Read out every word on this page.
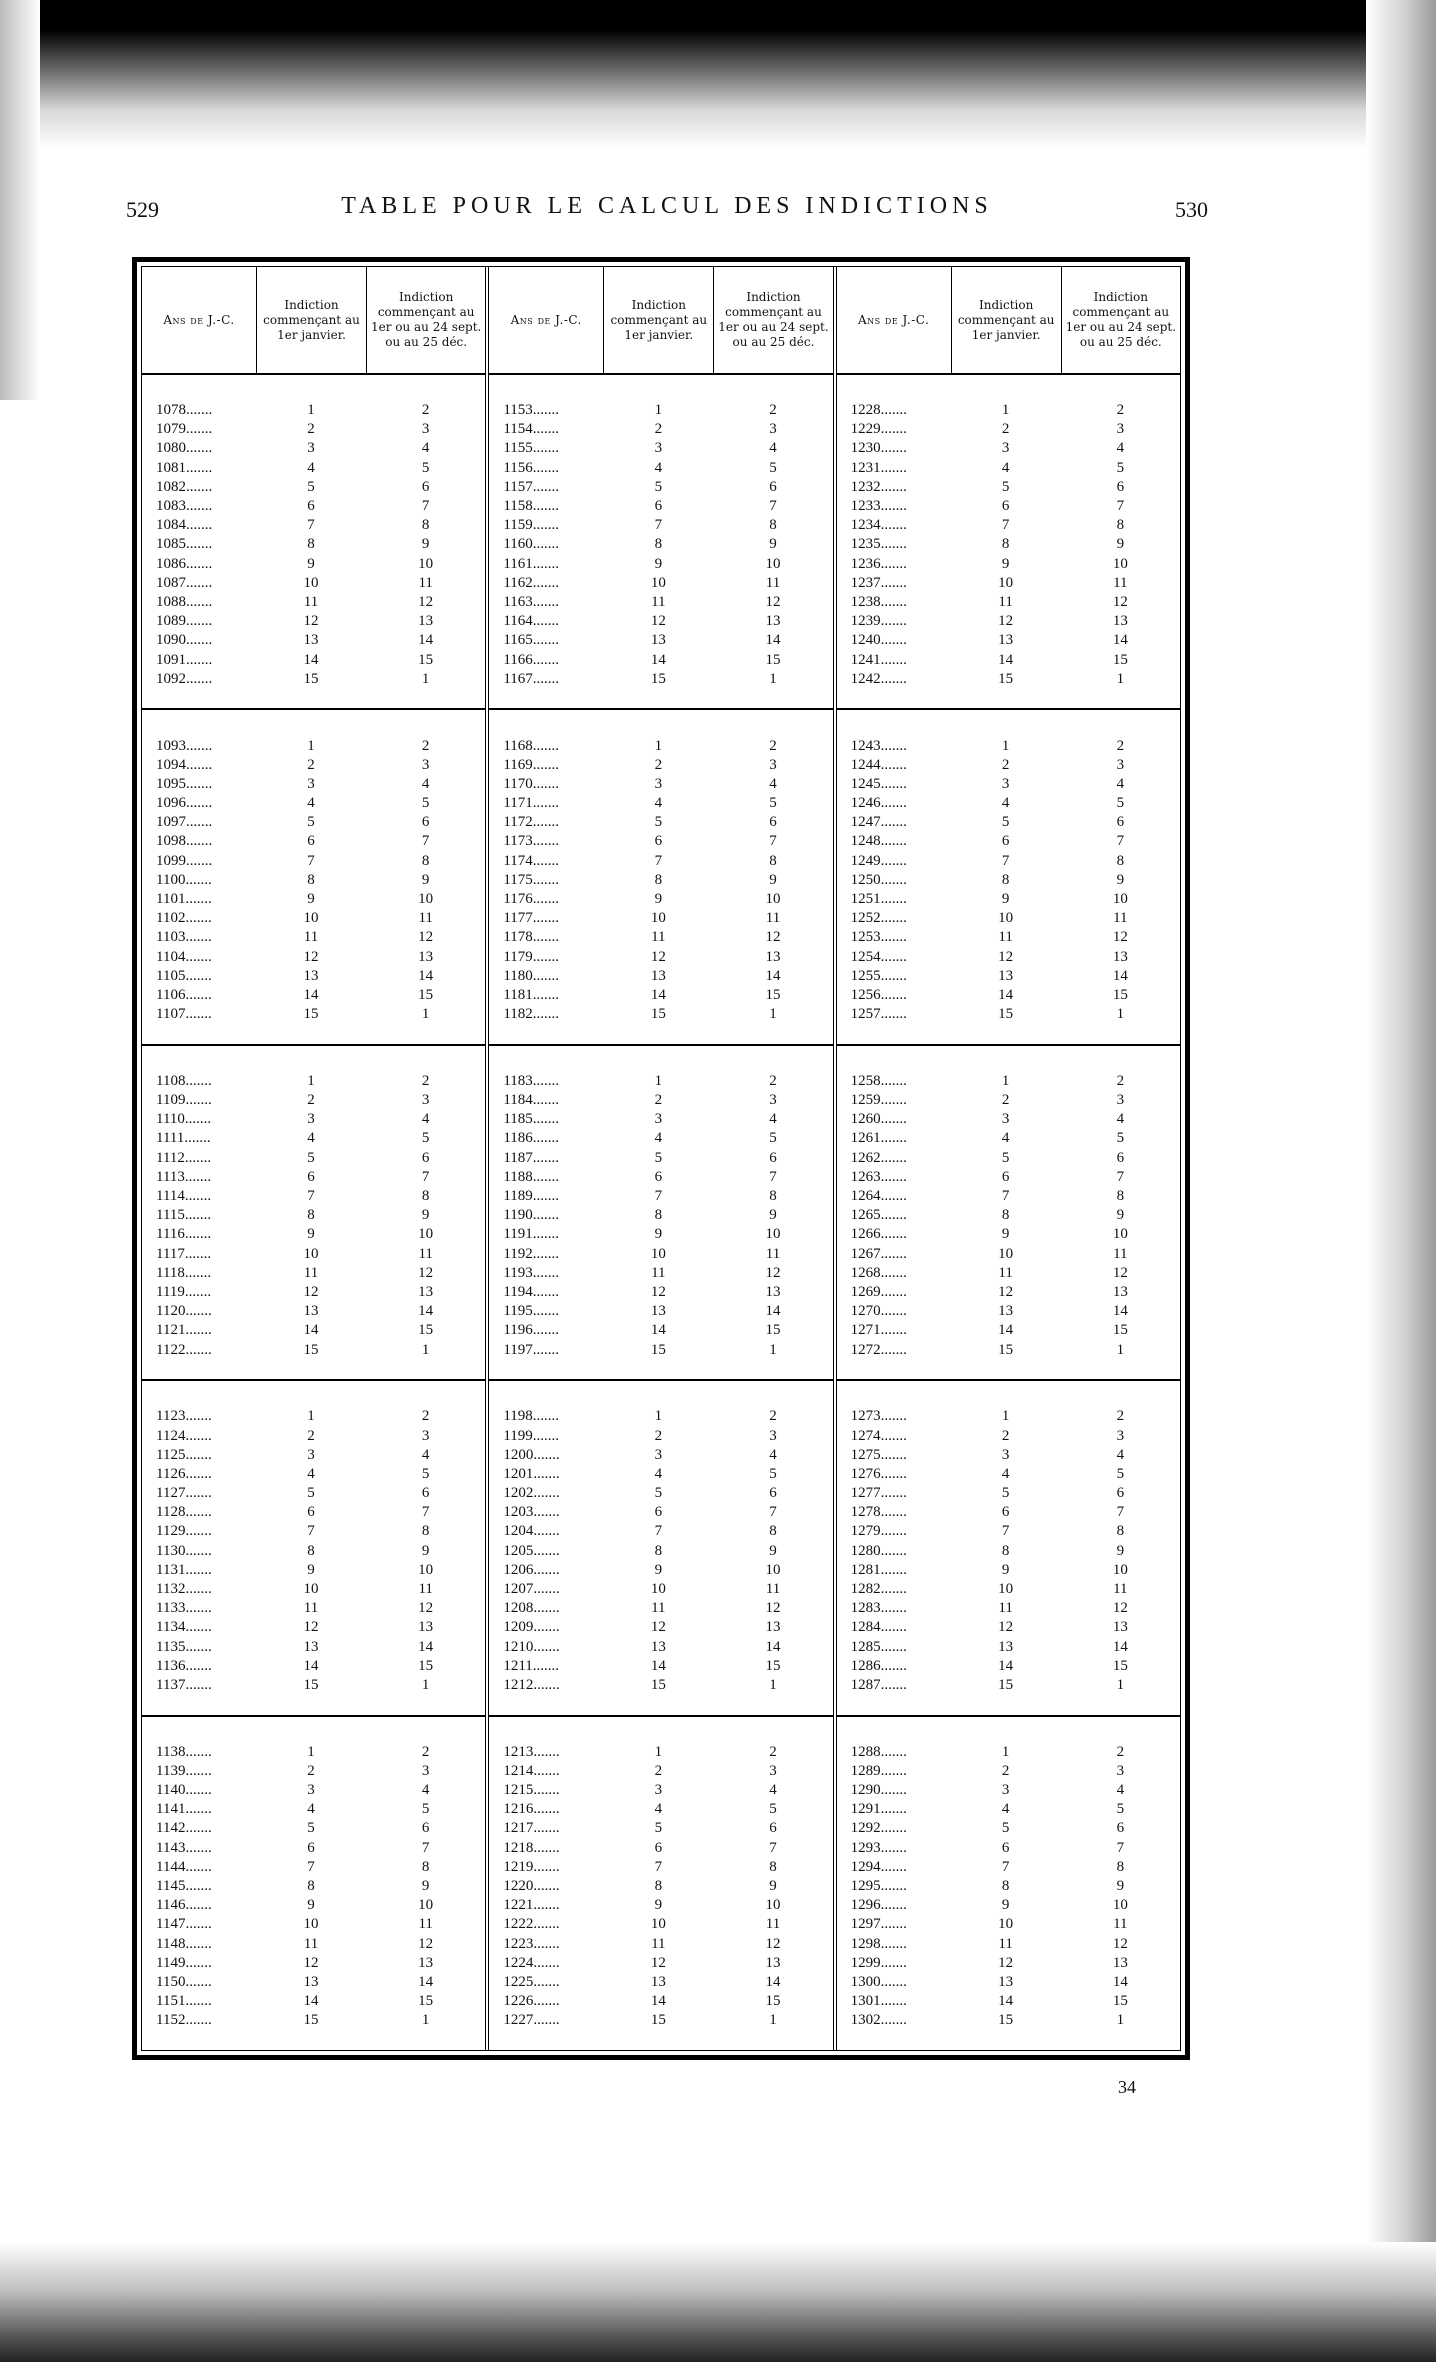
529	TABLE POUR LE CALCUL DES INDICTIONS	530
Ans de J.-C.
Indiction commençant au 1er janvier.
Indiction commençant au 1er ou au 24 sept. ou au 25 déc.
1078.......	1	2
1079.......	2	3
1080.......	3	4
1081.......	4	5
1082.......	5	6
1083.......	6	7
1084.......	7	8
1085.......	8	9
1086.......	9	10
1087.......	10	11
1088.......	11	12
1089.......	12	13
1090.......	13	14
1091.......	14	15
1092.......	15	1
1093.......	1	2
1094.......	2	3
1095.......	3	4
1096.......	4	5
1097.......	5	6
1098.......	6	7
1099.......	7	8
1100.......	8	9
1101.......	9	10
1102.......	10	11
1103.......	11	12
1104.......	12	13
1105.......	13	14
1106.......	14	15
1107.......	15	1
1108.......	1	2
1109.......	2	3
1110.......	3	4
1111.......	4	5
1112.......	5	6
1113.......	6	7
1114.......	7	8
1115.......	8	9
1116.......	9	10
1117.......	10	11
1118.......	11	12
1119.......	12	13
1120.......	13	14
1121.......	14	15
1122.......	15	1
1123.......	1	2
1124.......	2	3
1125.......	3	4
1126.......	4	5
1127.......	5	6
1128.......	6	7
1129.......	7	8
1130.......	8	9
1131.......	9	10
1132.......	10	11
1133.......	11	12
1134.......	12	13
1135.......	13	14
1136.......	14	15
1137.......	15	1
1138.......	1	2
1139.......	2	3
1140.......	3	4
1141.......	4	5
1142.......	5	6
1143.......	6	7
1144.......	7	8
1145.......	8	9
1146.......	9	10
1147.......	10	11
1148.......	11	12
1149.......	12	13
1150.......	13	14
1151.......	14	15
1152.......	15	1
Ans de J.-C.
Indiction commençant au 1er janvier.
Indiction commençant au 1er ou au 24 sept. ou au 25 déc.
1153.......	1	2
1154.......	2	3
1155.......	3	4
1156.......	4	5
1157.......	5	6
1158.......	6	7
1159.......	7	8
1160.......	8	9
1161.......	9	10
1162.......	10	11
1163.......	11	12
1164.......	12	13
1165.......	13	14
1166.......	14	15
1167.......	15	1
1168.......	1	2
1169.......	2	3
1170.......	3	4
1171.......	4	5
1172.......	5	6
1173.......	6	7
1174.......	7	8
1175.......	8	9
1176.......	9	10
1177.......	10	11
1178.......	11	12
1179.......	12	13
1180.......	13	14
1181.......	14	15
1182.......	15	1
1183.......	1	2
1184.......	2	3
1185.......	3	4
1186.......	4	5
1187.......	5	6
1188.......	6	7
1189.......	7	8
1190.......	8	9
1191.......	9	10
1192.......	10	11
1193.......	11	12
1194.......	12	13
1195.......	13	14
1196.......	14	15
1197.......	15	1
1198.......	1	2
1199.......	2	3
1200.......	3	4
1201.......	4	5
1202.......	5	6
1203.......	6	7
1204.......	7	8
1205.......	8	9
1206.......	9	10
1207.......	10	11
1208.......	11	12
1209.......	12	13
1210.......	13	14
1211.......	14	15
1212.......	15	1
1213.......	1	2
1214.......	2	3
1215.......	3	4
1216.......	4	5
1217.......	5	6
1218.......	6	7
1219.......	7	8
1220.......	8	9
1221.......	9	10
1222.......	10	11
1223.......	11	12
1224.......	12	13
1225.......	13	14
1226.......	14	15
1227.......	15	1
Ans de J.-C.
Indiction commençant au 1er janvier.
Indiction commençant au 1er ou au 24 sept. ou au 25 déc.
1228.......	1	2
1229.......	2	3
1230.......	3	4
1231.......	4	5
1232.......	5	6
1233.......	6	7
1234.......	7	8
1235.......	8	9
1236.......	9	10
1237.......	10	11
1238.......	11	12
1239.......	12	13
1240.......	13	14
1241.......	14	15
1242.......	15	1
1243.......	1	2
1244.......	2	3
1245.......	3	4
1246.......	4	5
1247.......	5	6
1248.......	6	7
1249.......	7	8
1250.......	8	9
1251.......	9	10
1252.......	10	11
1253.......	11	12
1254.......	12	13
1255.......	13	14
1256.......	14	15
1257.......	15	1
1258.......	1	2
1259.......	2	3
1260.......	3	4
1261.......	4	5
1262.......	5	6
1263.......	6	7
1264.......	7	8
1265.......	8	9
1266.......	9	10
1267.......	10	11
1268.......	11	12
1269.......	12	13
1270.......	13	14
1271.......	14	15
1272.......	15	1
1273.......	1	2
1274.......	2	3
1275.......	3	4
1276.......	4	5
1277.......	5	6
1278.......	6	7
1279.......	7	8
1280.......	8	9
1281.......	9	10
1282.......	10	11
1283.......	11	12
1284.......	12	13
1285.......	13	14
1286.......	14	15
1287.......	15	1
1288.......	1	2
1289.......	2	3
1290.......	3	4
1291.......	4	5
1292.......	5	6
1293.......	6	7
1294.......	7	8
1295.......	8	9
1296.......	9	10
1297.......	10	11
1298.......	11	12
1299.......	12	13
1300.......	13	14
1301.......	14	15
1302.......	15	1
34
